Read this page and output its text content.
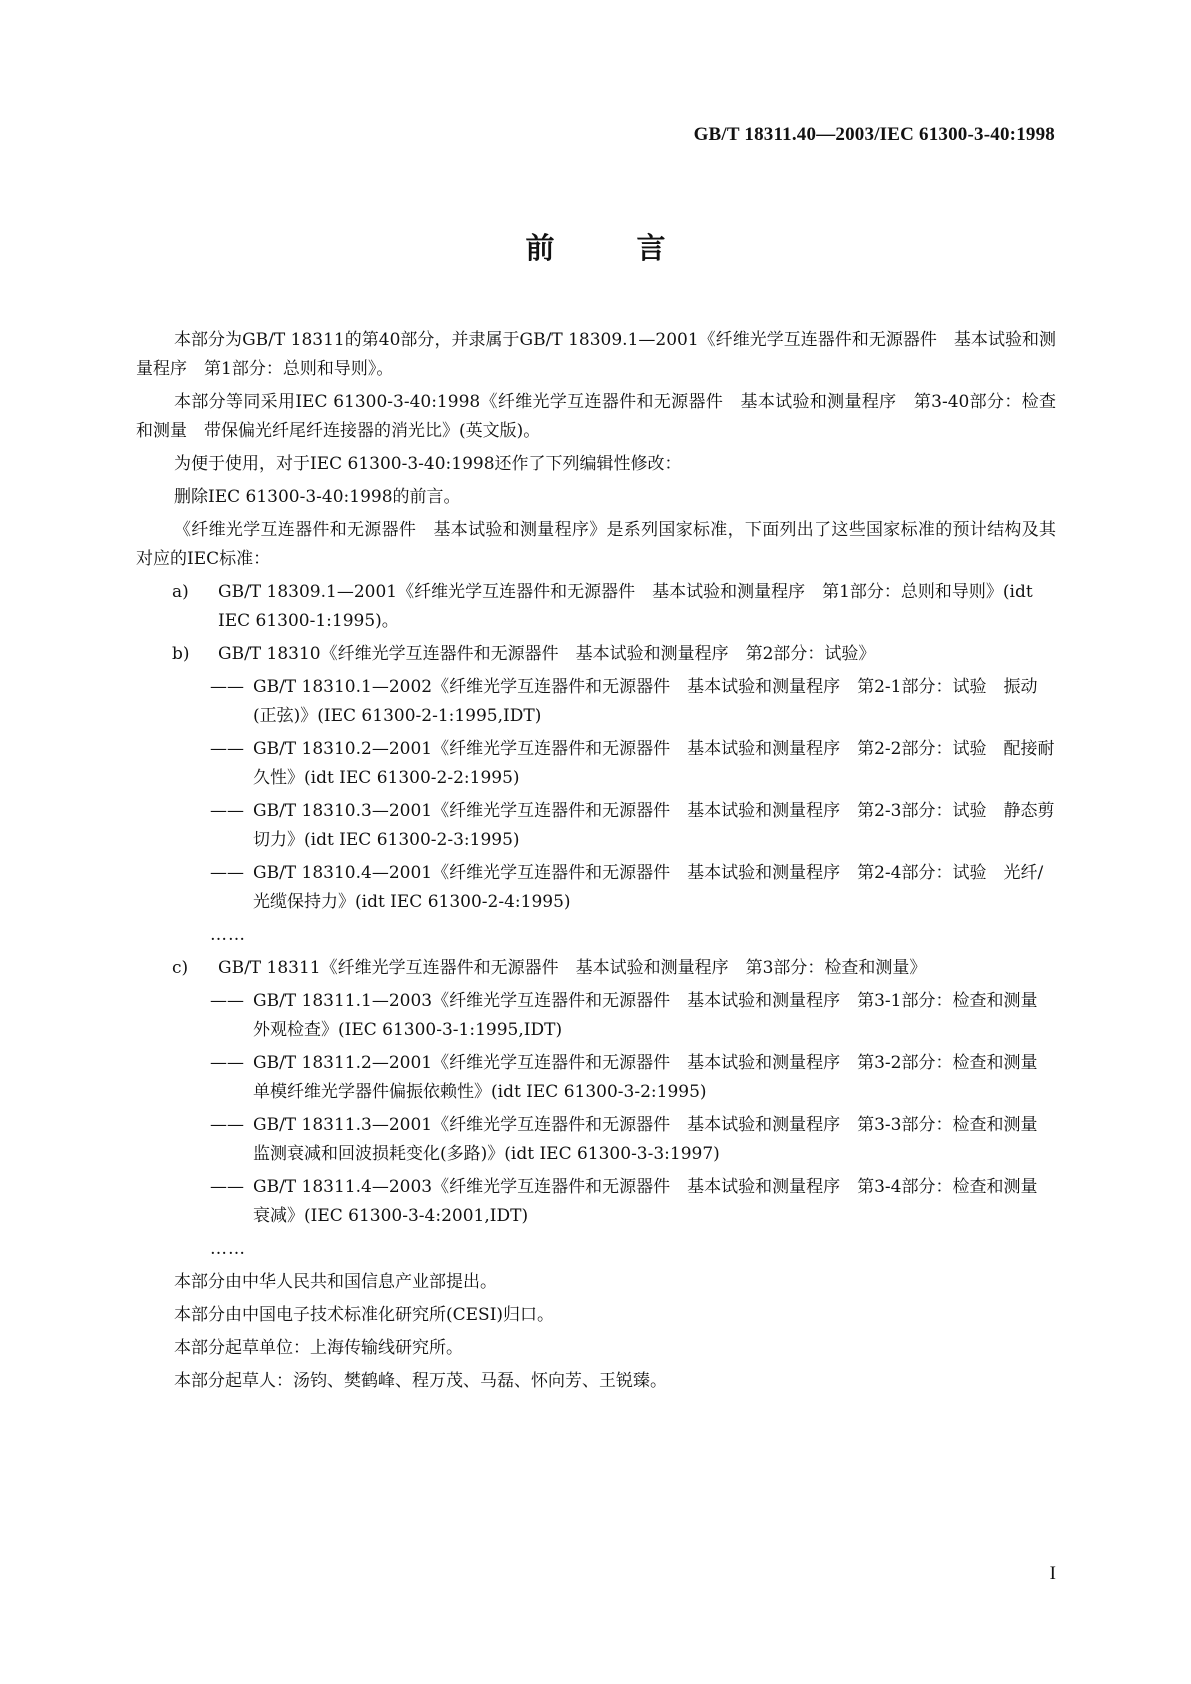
GB/T 18311.40—2003/IEC 61300-3-40:1998
前 言

本部分为GB/T 18311的第40部分，并隶属于GB/T 18309.1—2001《纤维光学互连器件和无源器件　基本试验和测量程序　第1部分：总则和导则》。

本部分等同采用IEC 61300-3-40:1998《纤维光学互连器件和无源器件　基本试验和测量程序　第3-40部分：检查和测量　带保偏光纤尾纤连接器的消光比》(英文版)。

为便于使用，对于IEC 61300-3-40:1998还作了下列编辑性修改：

删除IEC 61300-3-40:1998的前言。

《纤维光学互连器件和无源器件　基本试验和测量程序》是系列国家标准，下面列出了这些国家标准的预计结构及其对应的IEC标准：

a) GB/T 18309.1—2001《纤维光学互连器件和无源器件　基本试验和测量程序　第1部分：总则和导则》(idt IEC 61300-1:1995)。
b) GB/T 18310《纤维光学互连器件和无源器件　基本试验和测量程序　第2部分：试验》
—— GB/T 18310.1—2002《纤维光学互连器件和无源器件　基本试验和测量程序　第2-1部分：试验　振动(正弦)》(IEC 61300-2-1:1995,IDT)
—— GB/T 18310.2—2001《纤维光学互连器件和无源器件　基本试验和测量程序　第2-2部分：试验　配接耐久性》(idt IEC 61300-2-2:1995)
—— GB/T 18310.3—2001《纤维光学互连器件和无源器件　基本试验和测量程序　第2-3部分：试验　静态剪切力》(idt IEC 61300-2-3:1995)
—— GB/T 18310.4—2001《纤维光学互连器件和无源器件　基本试验和测量程序　第2-4部分：试验　光纤/光缆保持力》(idt IEC 61300-2-4:1995)
……
c) GB/T 18311《纤维光学互连器件和无源器件　基本试验和测量程序　第3部分：检查和测量》
—— GB/T 18311.1—2003《纤维光学互连器件和无源器件　基本试验和测量程序　第3-1部分：检查和测量　外观检查》(IEC 61300-3-1:1995,IDT)
—— GB/T 18311.2—2001《纤维光学互连器件和无源器件　基本试验和测量程序　第3-2部分：检查和测量　单模纤维光学器件偏振依赖性》(idt IEC 61300-3-2:1995)
—— GB/T 18311.3—2001《纤维光学互连器件和无源器件　基本试验和测量程序　第3-3部分：检查和测量　监测衰减和回波损耗变化(多路)》(idt IEC 61300-3-3:1997)
—— GB/T 18311.4—2003《纤维光学互连器件和无源器件　基本试验和测量程序　第3-4部分：检查和测量　衰减》(IEC 61300-3-4:2001,IDT)
……

本部分由中华人民共和国信息产业部提出。

本部分由中国电子技术标准化研究所(CESI)归口。

本部分起草单位：上海传输线研究所。

本部分起草人：汤钧、樊鹤峰、程万茂、马磊、怀向芳、王锐臻。

I
